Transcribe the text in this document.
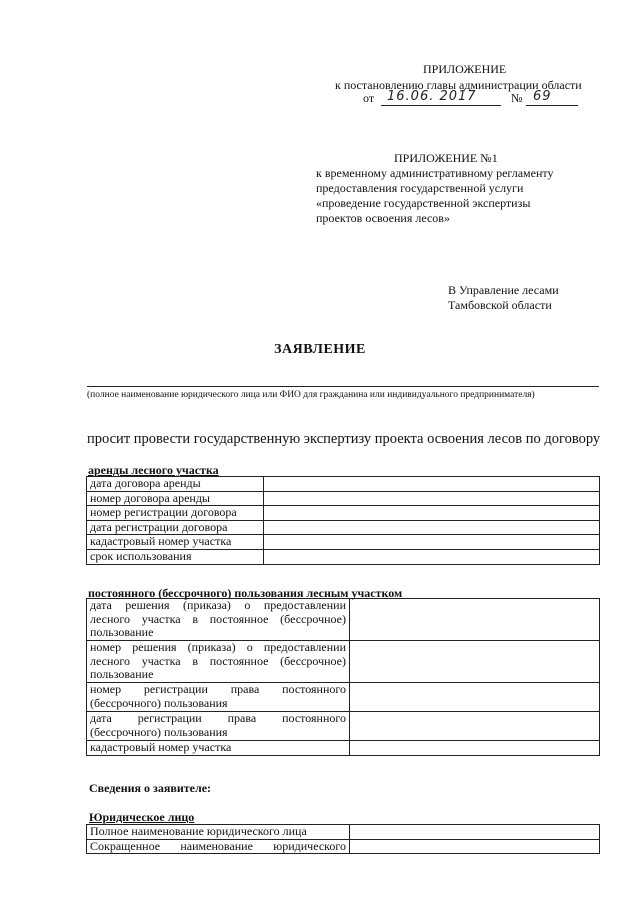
ПРИЛОЖЕНИЕ
к постановлению главы администрации области
от 16.06. 2017	№ 69
ПРИЛОЖЕНИЕ №1
к временному административному регламенту
предоставления государственной услуги
«проведение государственной экспертизы
проектов освоения лесов»
В Управление лесами
Тамбовской области
ЗАЯВЛЕНИЕ
(полное наименование юридического лица или ФИО для гражданина или индивидуального предпринимателя)
просит провести государственную экспертизу проекта освоения лесов по договору
аренды лесного участка
дата договора аренды	
номер договора аренды	
номер регистрации договора	
дата регистрации договора	
кадастровый номер участка	
срок использования	
постоянного (бессрочного) пользования лесным участком
дата решения (приказа) о предоставлении лесного участка в постоянное (бессрочное) пользование	
номер решения (приказа) о предоставлении лесного участка в постоянное (бессрочное) пользование	
номер регистрации права постоянного (бессрочного) пользования	
дата регистрации права постоянного (бессрочного) пользования	
кадастровый номер участка	
Сведения о заявителе:
Юридическое лицо
Полное наименование юридического лица	
Сокращенное наименование юридического	
